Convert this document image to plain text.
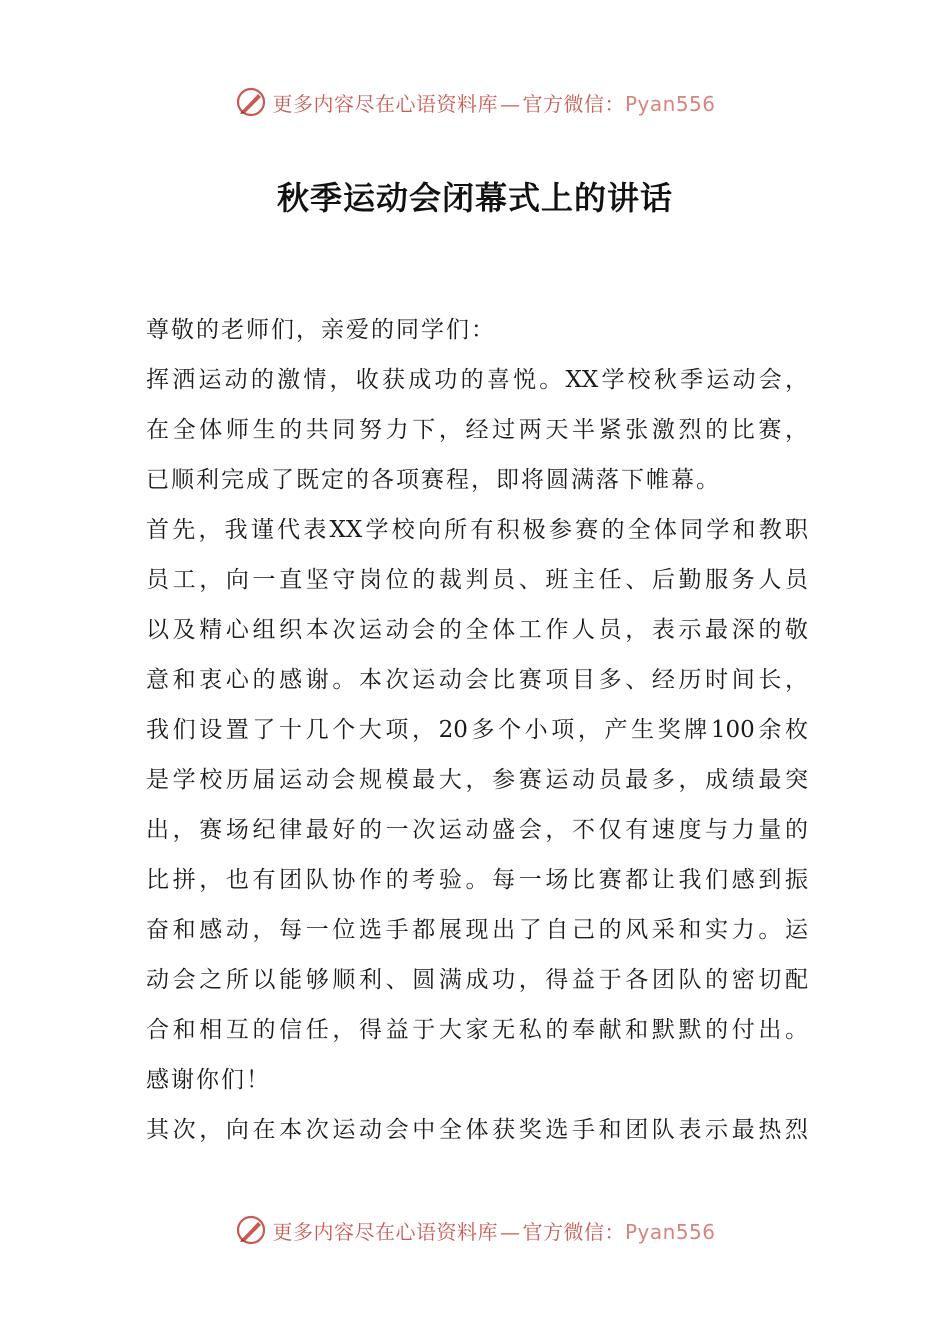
更多内容尽在心语资料库 — 官方微信：Pyan556
秋季运动会闭幕式上的讲话
尊敬的老师们，亲爱的同学们：
挥洒运动的激情，收获成功的喜悦。XX学校秋季运动会，
在全体师生的共同努力下，经过两天半紧张激烈的比赛，
已顺利完成了既定的各项赛程，即将圆满落下帷幕。
首先，我谨代表XX学校向所有积极参赛的全体同学和教职
员工，向一直坚守岗位的裁判员、班主任、后勤服务人员
以及精心组织本次运动会的全体工作人员，表示最深的敬
意和衷心的感谢。本次运动会比赛项目多、经历时间长，
我们设置了十几个大项，20多个小项，产生奖牌100余枚
是学校历届运动会规模最大，参赛运动员最多，成绩最突
出，赛场纪律最好的一次运动盛会，不仅有速度与力量的
比拼，也有团队协作的考验。每一场比赛都让我们感到振
奋和感动，每一位选手都展现出了自己的风采和实力。运
动会之所以能够顺利、圆满成功，得益于各团队的密切配
合和相互的信任，得益于大家无私的奉献和默默的付出。
感谢你们！
其次，向在本次运动会中全体获奖选手和团队表示最热烈
更多内容尽在心语资料库 — 官方微信：Pyan556
